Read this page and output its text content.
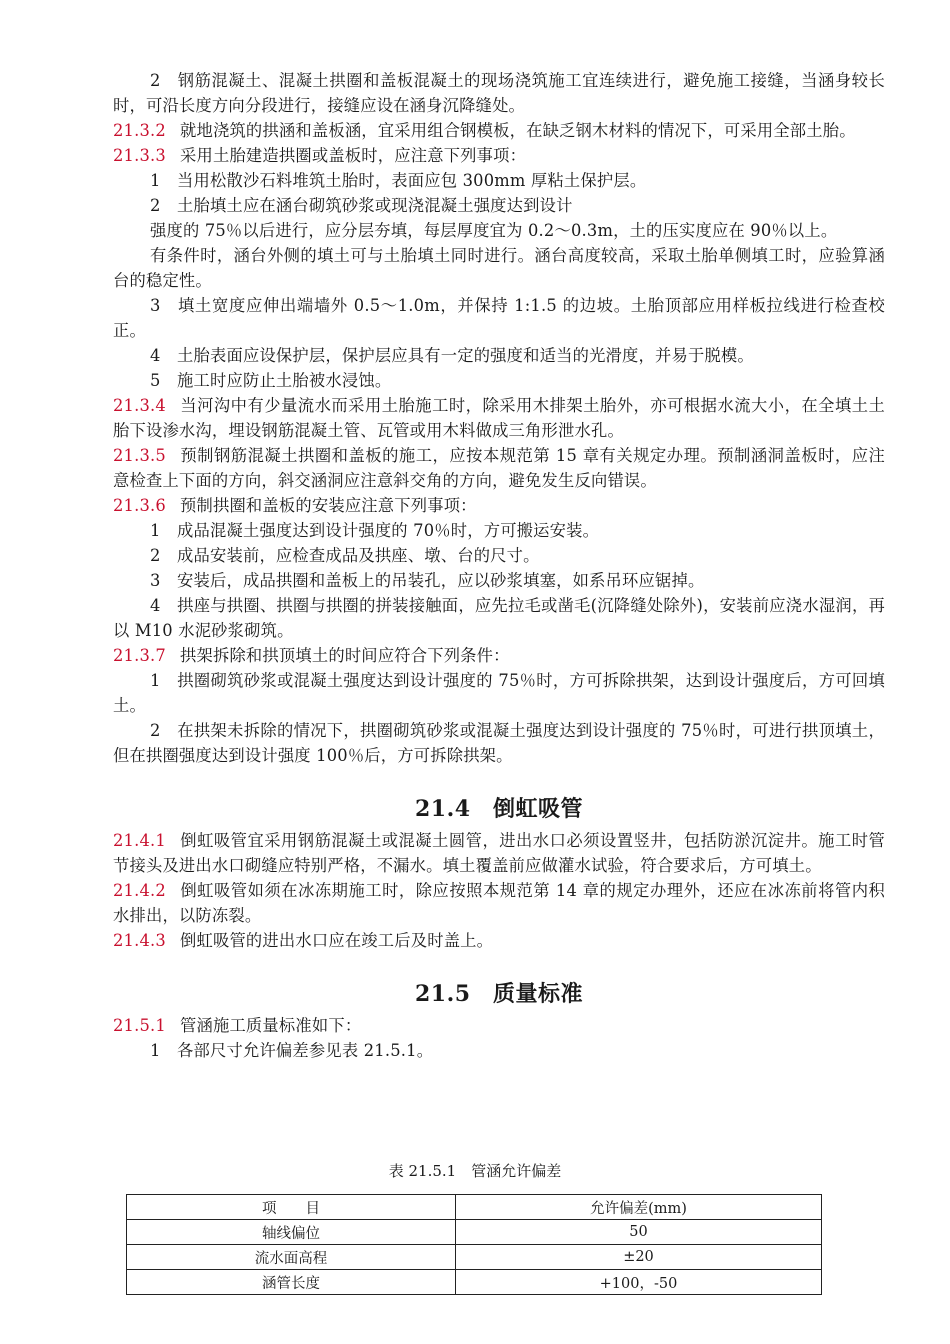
2　钢筋混凝土、混凝土拱圈和盖板混凝土的现场浇筑施工宜连续进行，避免施工接缝，当涵身较长时，可沿长度方向分段进行，接缝应设在涵身沉降缝处。

21.3.2 就地浇筑的拱涵和盖板涵，宜采用组合钢模板，在缺乏钢木材料的情况下，可采用全部土胎。

21.3.3 采用土胎建造拱圈或盖板时，应注意下列事项：

1　当用松散沙石料堆筑土胎时，表面应包 300mm 厚粘土保护层。

2　土胎填土应在涵台砌筑砂浆或现浇混凝土强度达到设计

强度的 75％以后进行，应分层夯填，每层厚度宜为 0.2～0.3m，土的压实度应在 90％以上。

有条件时，涵台外侧的填土可与土胎填土同时进行。涵台高度较高，采取土胎单侧填工时，应验算涵台的稳定性。

3　填土宽度应伸出端墙外 0.5～1.0m，并保持 1:1.5 的边坡。土胎顶部应用样板拉线进行检查校正。

4　土胎表面应设保护层，保护层应具有一定的强度和适当的光滑度，并易于脱模。

5　施工时应防止土胎被水浸蚀。

21.3.4 当河沟中有少量流水而采用土胎施工时，除采用木排架土胎外，亦可根据水流大小，在全填土土胎下设渗水沟，埋设钢筋混凝土管、瓦管或用木料做成三角形泄水孔。

21.3.5 预制钢筋混凝土拱圈和盖板的施工，应按本规范第 15 章有关规定办理。预制涵洞盖板时，应注意检查上下面的方向，斜交涵洞应注意斜交角的方向，避免发生反向错误。

21.3.6 预制拱圈和盖板的安装应注意下列事项：

1　成品混凝土强度达到设计强度的 70％时，方可搬运安装。

2　成品安装前，应检查成品及拱座、墩、台的尺寸。

3　安装后，成品拱圈和盖板上的吊装孔，应以砂浆填塞，如系吊环应锯掉。

4　拱座与拱圈、拱圈与拱圈的拼装接触面，应先拉毛或凿毛(沉降缝处除外)，安装前应浇水湿润，再以 M10 水泥砂浆砌筑。

21.3.7 拱架拆除和拱顶填土的时间应符合下列条件：

1　拱圈砌筑砂浆或混凝土强度达到设计强度的 75％时，方可拆除拱架，达到设计强度后，方可回填土。

2　在拱架未拆除的情况下，拱圈砌筑砂浆或混凝土强度达到设计强度的 75％时，可进行拱顶填土，但在拱圈强度达到设计强度 100％后，方可拆除拱架。

21.4　倒虹吸管

21.4.1 倒虹吸管宜采用钢筋混凝土或混凝土圆管，进出水口必须设置竖井，包括防淤沉淀井。施工时管节接头及进出水口砌缝应特别严格，不漏水。填土覆盖前应做灌水试验，符合要求后，方可填土。

21.4.2 倒虹吸管如须在冰冻期施工时，除应按照本规范第 14 章的规定办理外，还应在冰冻前将管内积水排出，以防冻裂。

21.4.3 倒虹吸管的进出水口应在竣工后及时盖上。

21.5　质量标准

21.5.1 管涵施工质量标准如下：

1　各部尺寸允许偏差参见表 21.5.1。

表 21.5.1　管涵允许偏差
项　　目	允许偏差(mm)
轴线偏位	50
流水面高程	±20
涵管长度	+100，-50
